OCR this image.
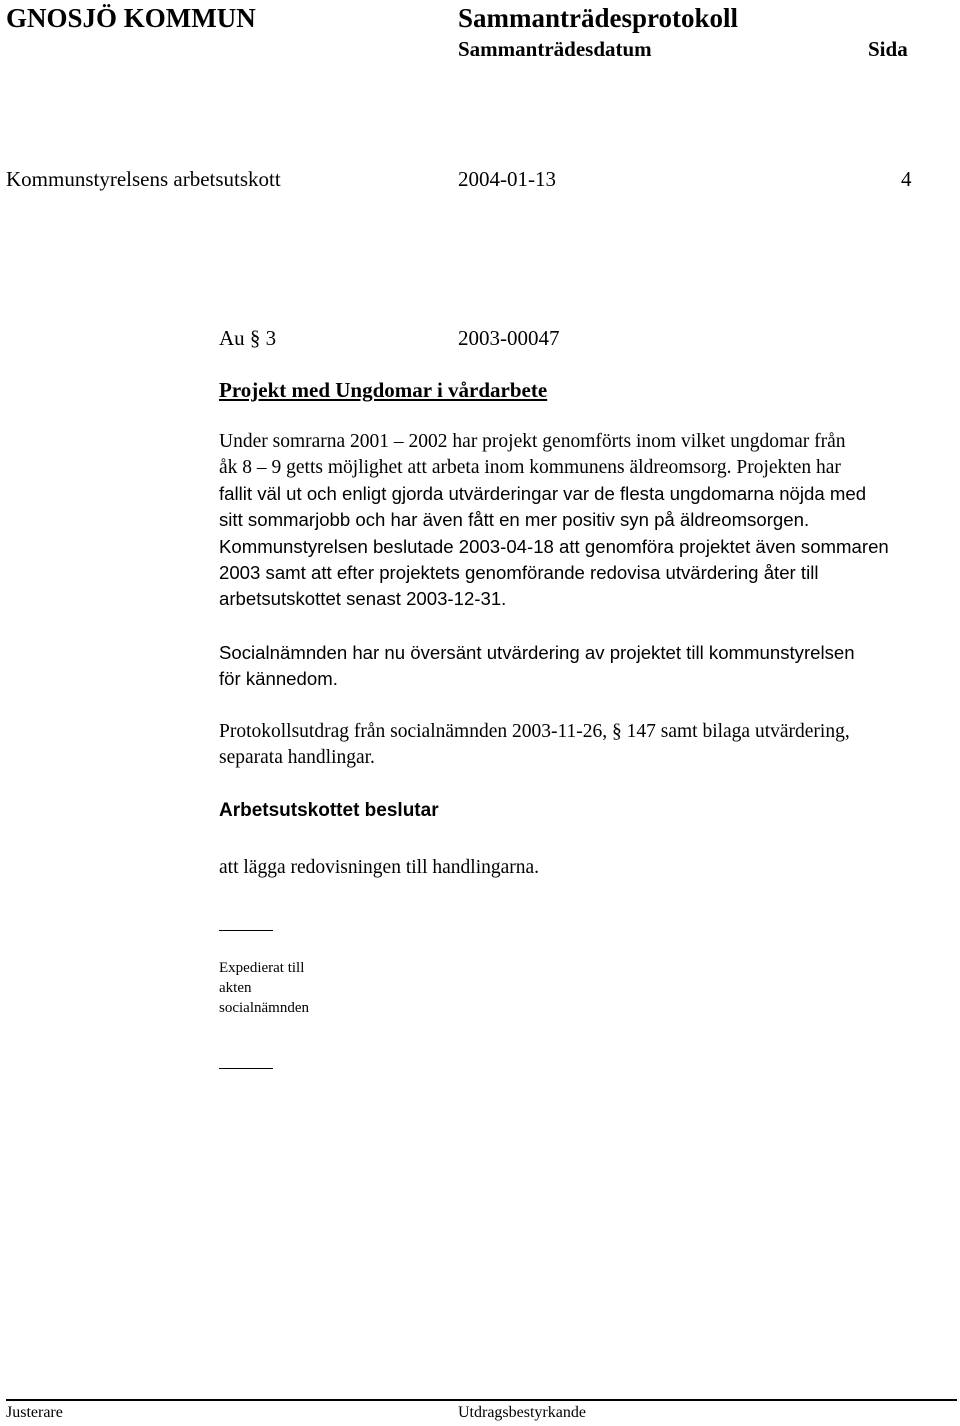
GNOSJÖ KOMMUN	Sammanträdesprotokoll
Sammanträdesdatum	Sida
Kommunstyrelsens arbetsutskott	2004-01-13	4
Au § 3	2003-00047
Projekt med Ungdomar i vårdarbete
Under somrarna 2001 – 2002 har projekt genomförts inom vilket ungdomar från
åk 8 – 9 getts möjlighet att arbeta inom kommunens äldreomsorg. Projekten har
fallit väl ut och enligt gjorda utvärderingar var de flesta ungdomarna nöjda med
sitt sommarjobb och har även fått en mer positiv syn på äldreomsorgen.
Kommunstyrelsen beslutade 2003-04-18 att genomföra projektet även sommaren
2003 samt att efter projektets genomförande redovisa utvärdering åter till
arbetsutskottet senast 2003-12-31.
Socialnämnden har nu översänt utvärdering av projektet till kommunstyrelsen
för kännedom.
Protokollsutdrag från socialnämnden 2003-11-26, § 147 samt bilaga utvärdering,
separata handlingar.
Arbetsutskottet beslutar
att lägga redovisningen till handlingarna.
Expedierat till
akten
socialnämnden
Justerare	Utdragsbestyrkande
